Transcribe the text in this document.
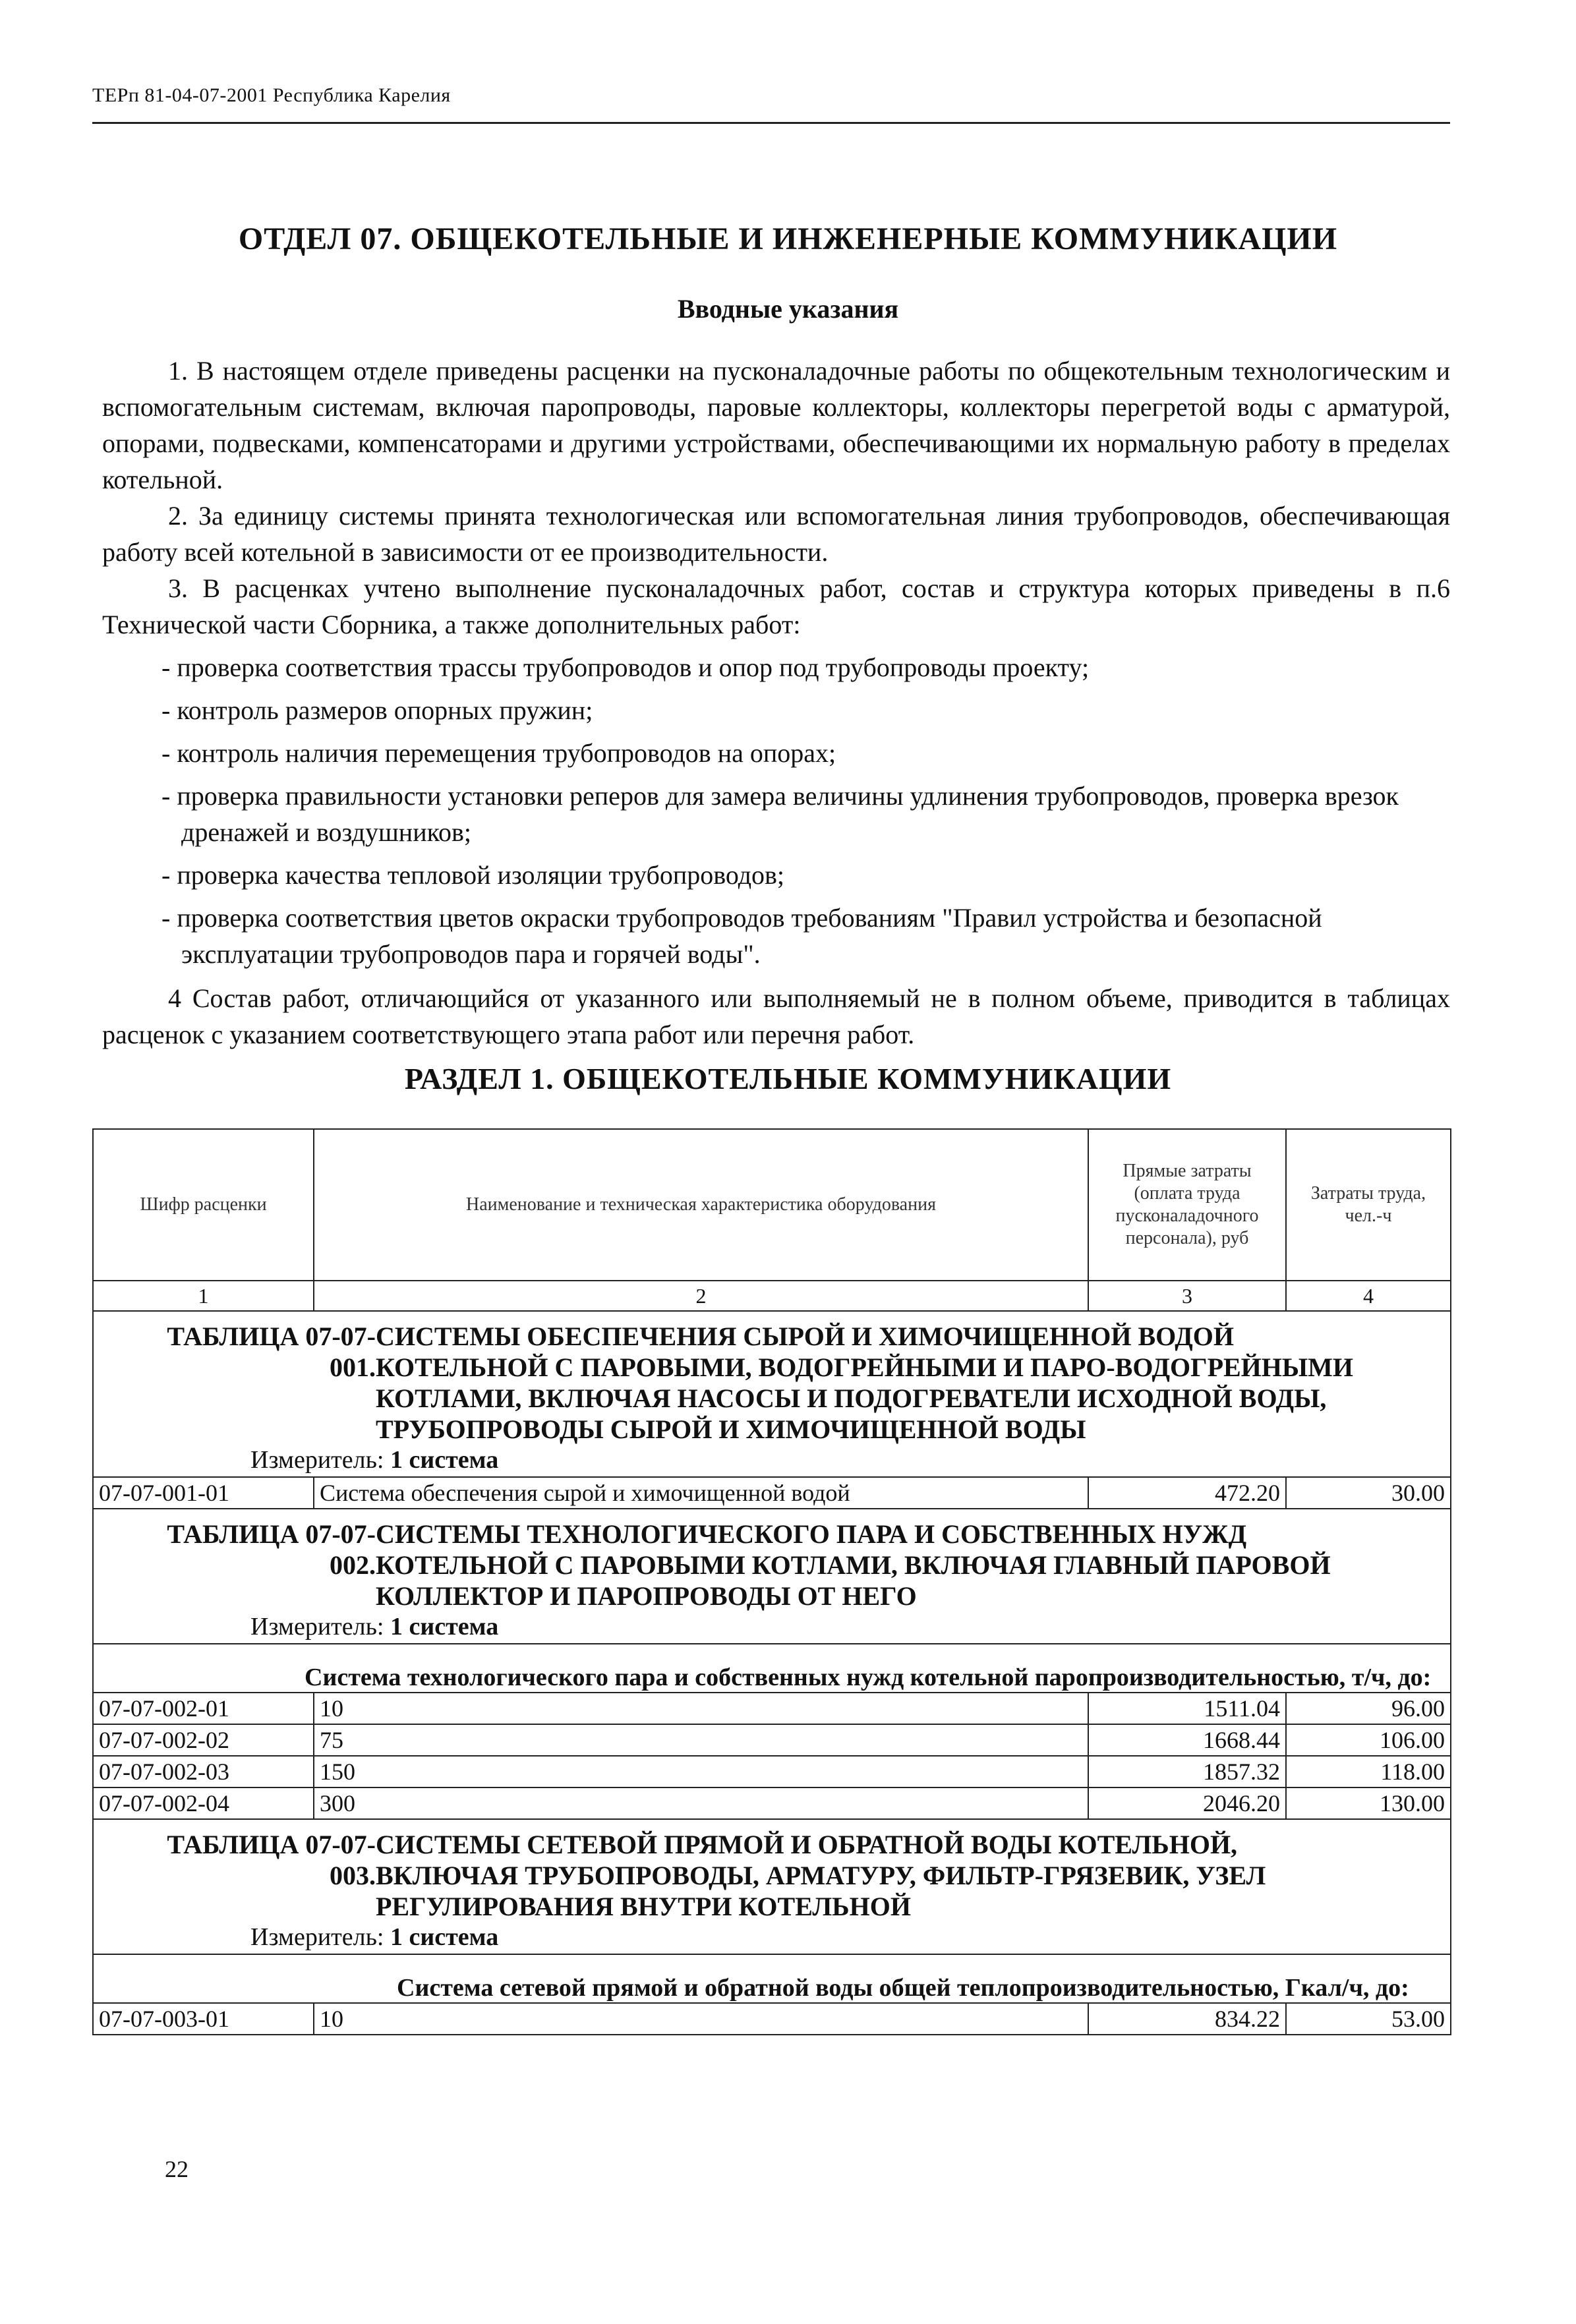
ТЕРп 81-04-07-2001 Республика Карелия
ОТДЕЛ 07. ОБЩЕКОТЕЛЬНЫЕ И ИНЖЕНЕРНЫЕ КОММУНИКАЦИИ
Вводные указания

1. В настоящем отделе приведены расценки на пусконаладочные работы по общекотельным технологическим и вспомогательным системам, включая паропроводы, паровые коллекторы, коллекторы перегретой воды с арматурой, опорами, подвесками, компенсаторами и другими устройствами, обеспечивающими их нормальную работу в пределах котельной.

2. За единицу системы принята технологическая или вспомогательная линия трубопроводов, обеспечивающая работу всей котельной в зависимости от ее производительности.

3. В расценках учтено выполнение пусконаладочных работ, состав и структура которых приведены в п.6 Технической части Сборника, а также дополнительных работ:

- проверка соответствия трассы трубопроводов и опор под трубопроводы проекту;
- контроль размеров опорных пружин;
- контроль наличия перемещения трубопроводов на опорах;
- проверка правильности установки реперов для замера величины удлинения трубопроводов, проверка врезок дренажей и воздушников;
- проверка качества тепловой изоляции трубопроводов;
- проверка соответствия цветов окраски трубопроводов требованиям "Правил устройства и безопасной эксплуатации трубопроводов пара и горячей воды".

4 Состав работ, отличающийся от указанного или выполняемый не в полном объеме, приводится в таблицах расценок с указанием соответствующего этапа работ или перечня работ.

РАЗДЕЛ 1. ОБЩЕКОТЕЛЬНЫЕ КОММУНИКАЦИИ
Шифр расценки	Наименование и техническая характеристика оборудования	Прямые затраты (оплата труда пусконаладочного персонала), руб	Затраты труда, чел.-ч
1	2	3	4
ТАБЛИЦА 07-07-001.СИСТЕМЫ ОБЕСПЕЧЕНИЯ СЫРОЙ И ХИМОЧИЩЕННОЙ ВОДОЙ КОТЕЛЬНОЙ С ПАРОВЫМИ, ВОДОГРЕЙНЫМИ И ПАРО-ВОДОГРЕЙНЫМИ КОТЛАМИ, ВКЛЮЧАЯ НАСОСЫ И ПОДОГРЕВАТЕЛИ ИСХОДНОЙ ВОДЫ, ТРУБОПРОВОДЫ СЫРОЙ И ХИМОЧИЩЕННОЙ ВОДЫ
Измеритель: 1 система			

07-07-001-01	Система обеспечения сырой и химочищенной водой	472.20	30.00
ТАБЛИЦА 07-07-002.СИСТЕМЫ ТЕХНОЛОГИЧЕСКОГО ПАРА И СОБСТВЕННЫХ НУЖД КОТЕЛЬНОЙ С ПАРОВЫМИ КОТЛАМИ, ВКЛЮЧАЯ ГЛАВНЫЙ ПАРОВОЙ КОЛЛЕКТОР И ПАРОПРОВОДЫ ОТ НЕГО
Измеритель: 1 система			

Система технологического пара и собственных нужд котельной паропроизводительностью, т/ч, до:			
07-07-002-01	10	1511.04	96.00
07-07-002-02	75	1668.44	106.00
07-07-002-03	150	1857.32	118.00
07-07-002-04	300	2046.20	130.00
ТАБЛИЦА 07-07-003.СИСТЕМЫ СЕТЕВОЙ ПРЯМОЙ И ОБРАТНОЙ ВОДЫ КОТЕЛЬНОЙ, ВКЛЮЧАЯ ТРУБОПРОВОДЫ, АРМАТУРУ, ФИЛЬТР-ГРЯЗЕВИК, УЗЕЛ РЕГУЛИРОВАНИЯ ВНУТРИ КОТЕЛЬНОЙ
Измеритель: 1 система			

Система сетевой прямой и обратной воды общей теплопроизводительностью, Гкал/ч, до:			
07-07-003-01	10	834.22	53.00
22
